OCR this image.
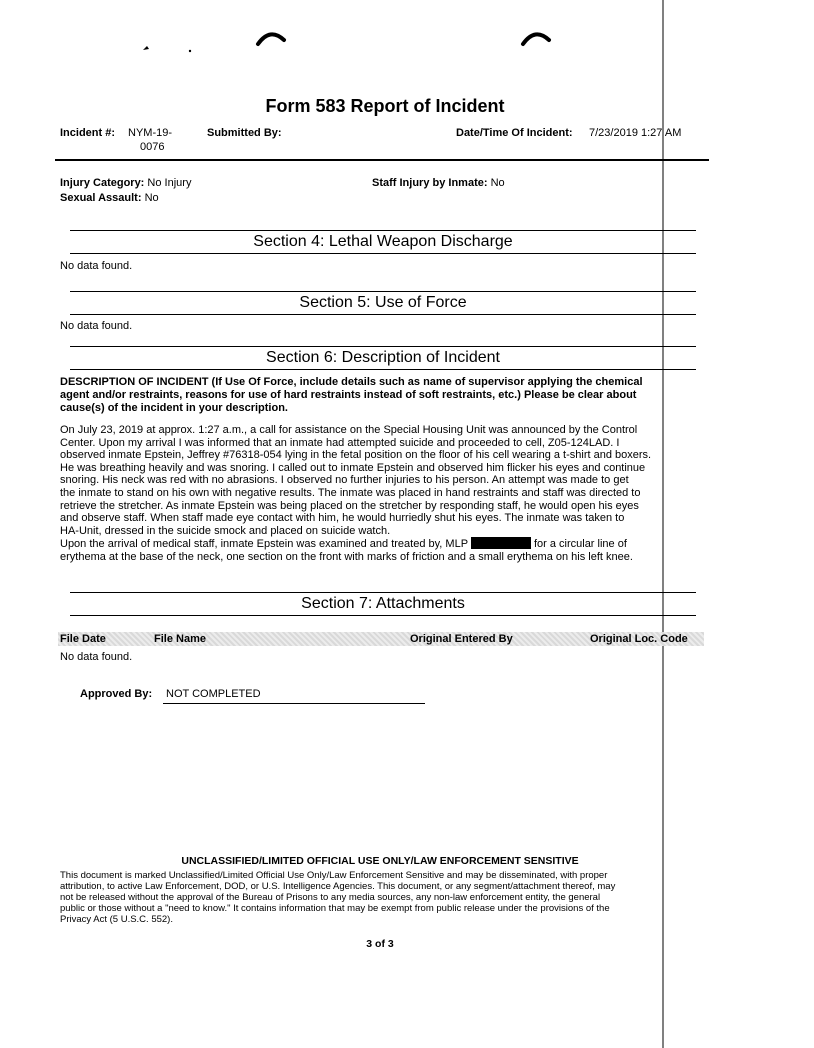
Form 583 Report of Incident
Incident #: NYM-19-
0076
Submitted By:	Date/Time Of Incident: 7/23/2019 1:27 AM
Injury Category: No Injury
Sexual Assault: No
Staff Injury by Inmate: No
Section 4: Lethal Weapon Discharge
No data found.
Section 5: Use of Force
No data found.
Section 6: Description of Incident
DESCRIPTION OF INCIDENT (If Use Of Force, include details such as name of supervisor applying the chemical
agent and/or restraints, reasons for use of hard restraints instead of soft restraints, etc.) Please be clear about
cause(s) of the incident in your description.
On July 23, 2019 at approx. 1:27 a.m., a call for assistance on the Special Housing Unit was announced by the Control
Center. Upon my arrival I was informed that an inmate had attempted suicide and proceeded to cell, Z05-124LAD. I
observed inmate Epstein, Jeffrey #76318-054 lying in the fetal position on the floor of his cell wearing a t-shirt and boxers.
He was breathing heavily and was snoring. I called out to inmate Epstein and observed him flicker his eyes and continue
snoring. His neck was red with no abrasions. I observed no further injuries to his person. An attempt was made to get
the inmate to stand on his own with negative results. The inmate was placed in hand restraints and staff was directed to
retrieve the stretcher. As inmate Epstein was being placed on the stretcher by responding staff, he would open his eyes
and observe staff. When staff made eye contact with him, he would hurriedly shut his eyes. The inmate was taken to
HA-Unit, dressed in the suicide smock and placed on suicide watch.
Upon the arrival of medical staff, inmate Epstein was examined and treated by, MLP	for a circular line of
erythema at the base of the neck, one section on the front with marks of friction and a small erythema on his left knee.
Section 7: Attachments
File Date	File Name	Original Entered By	Original Loc. Code
No data found.
Approved By: NOT COMPLETED
UNCLASSIFIED/LIMITED OFFICIAL USE ONLY/LAW ENFORCEMENT SENSITIVE
This document is marked Unclassified/Limited Official Use Only/Law Enforcement Sensitive and may be disseminated, with proper
attribution, to active Law Enforcement, DOD, or U.S. Intelligence Agencies. This document, or any segment/attachment thereof, may
not be released without the approval of the Bureau of Prisons to any media sources, any non-law enforcement entity, the general
public or those without a "need to know." It contains information that may be exempt from public release under the provisions of the
Privacy Act (5 U.S.C. 552).
3 of 3
